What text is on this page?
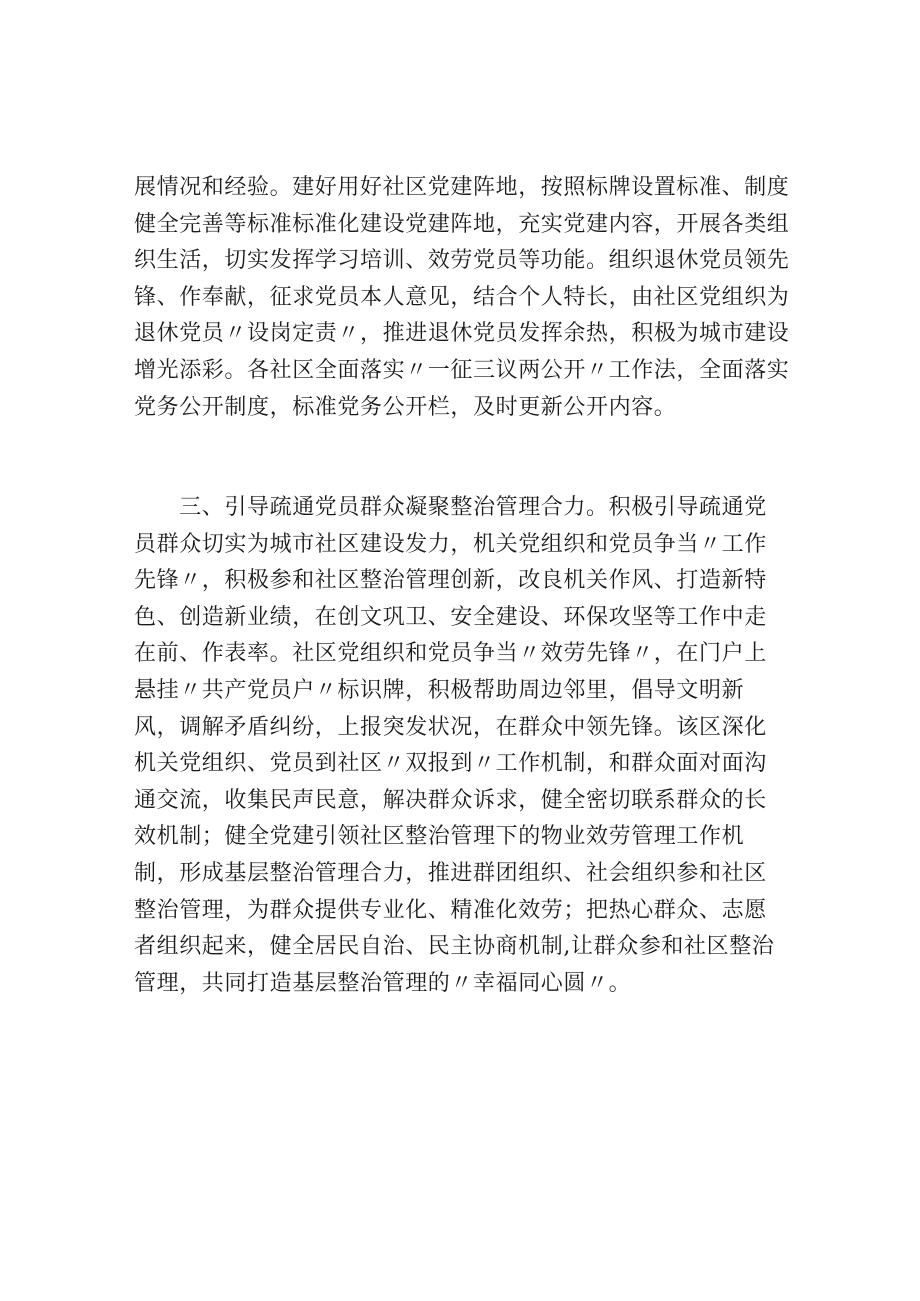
展情况和经验。建好用好社区党建阵地，按照标牌设置标准、制度
健全完善等标准标准化建设党建阵地，充实党建内容，开展各类组
织生活，切实发挥学习培训、效劳党员等功能。组织退休党员领先
锋、作奉献，征求党员本人意见，结合个人特长，由社区党组织为
退休党员〃设岗定责〃，推进退休党员发挥余热，积极为城市建设
增光添彩。各社区全面落实〃一征三议两公开〃工作法，全面落实
党务公开制度，标准党务公开栏，及时更新公开内容。
　　三、引导疏通党员群众凝聚整治管理合力。积极引导疏通党
员群众切实为城市社区建设发力，机关党组织和党员争当〃工作
先锋〃，积极参和社区整治管理创新，改良机关作风、打造新特
色、创造新业绩，在创文巩卫、安全建设、环保攻坚等工作中走
在前、作表率。社区党组织和党员争当〃效劳先锋〃，在门户上
悬挂〃共产党员户〃标识牌，积极帮助周边邻里，倡导文明新
风，调解矛盾纠纷，上报突发状况，在群众中领先锋。该区深化
机关党组织、党员到社区〃双报到〃工作机制，和群众面对面沟
通交流，收集民声民意，解决群众诉求，健全密切联系群众的长
效机制；健全党建引领社区整治管理下的物业效劳管理工作机
制，形成基层整治管理合力，推进群团组织、社会组织参和社区
整治管理，为群众提供专业化、精准化效劳；把热心群众、志愿
者组织起来，健全居民自治、民主协商机制,让群众参和社区整治
管理，共同打造基层整治管理的〃幸福同心圆〃。
